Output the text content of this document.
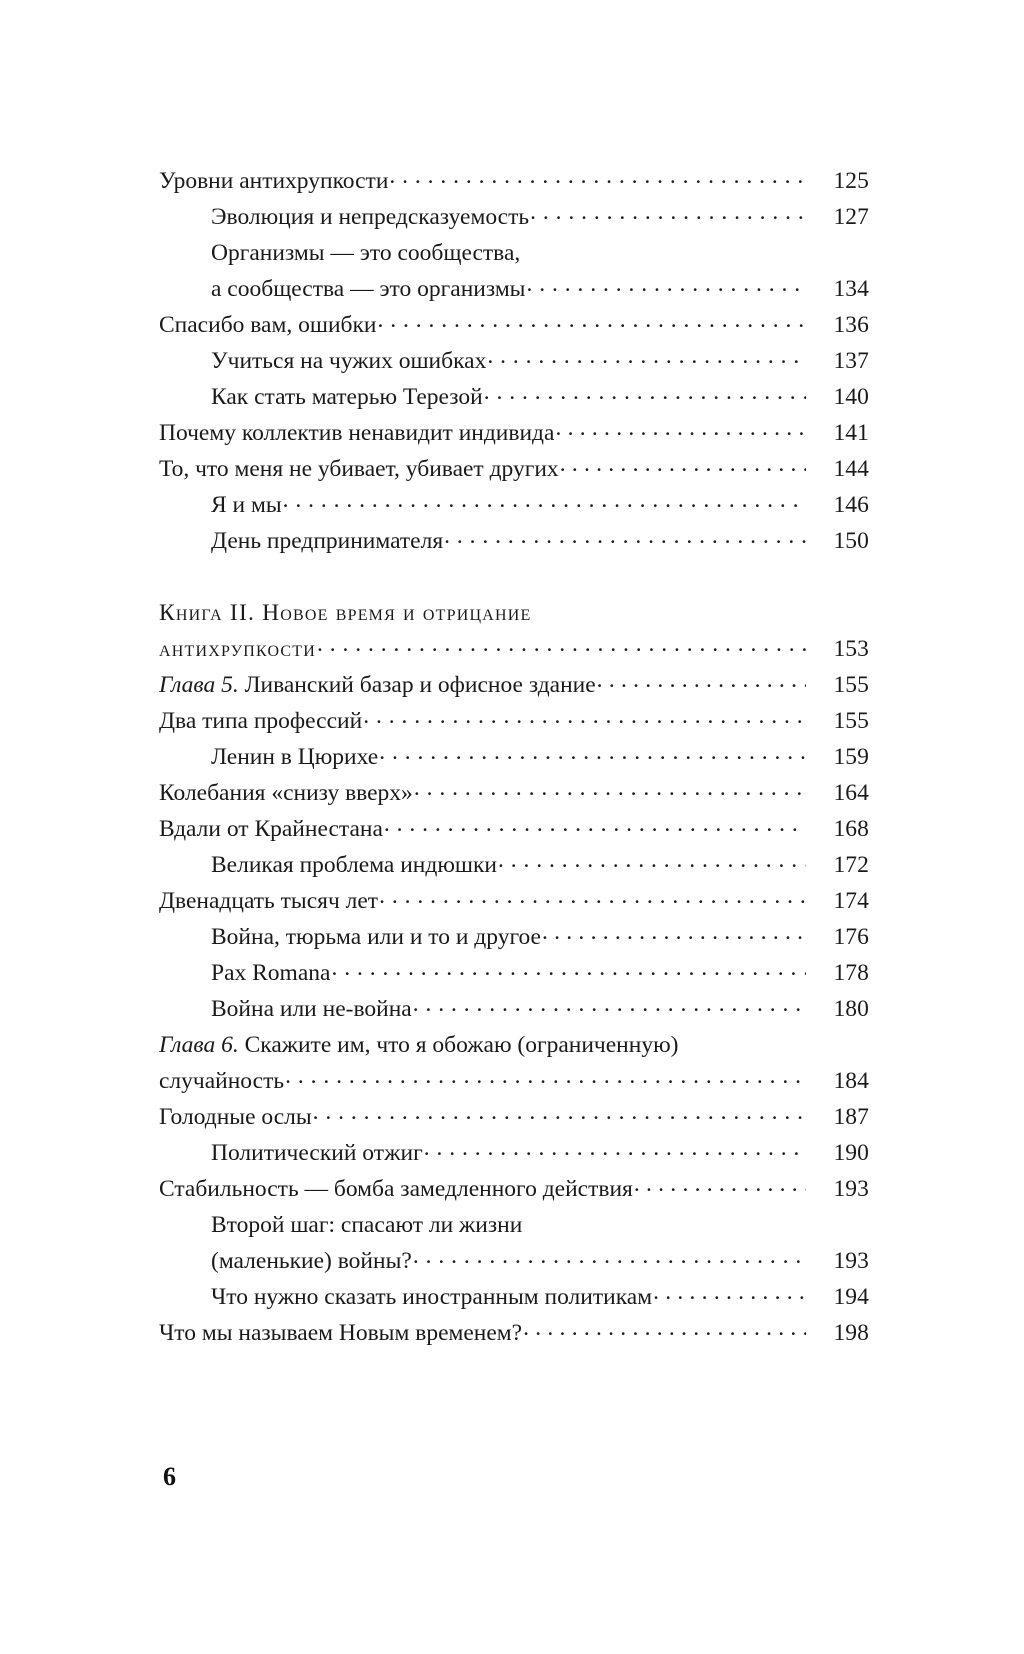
Уровни антихрупкости . . .	125
Эволюция и непредсказуемость . . .	127
Организмы — это сообщества,
а сообщества — это организмы . . .	134
Спасибо вам, ошибки . . .	136
Учиться на чужих ошибках . . .	137
Как стать матерью Терезой . . .	140
Почему коллектив ненавидит индивида . . .	141
То, что меня не убивает, убивает других . . .	144
Я и мы . . .	146
День предпринимателя . . .	150
Книга II. Новое время и отрицание
антихрупкости . . .	153
Глава 5. Ливанский базар и офисное здание . . .	155
Два типа профессий . . .	155
Ленин в Цюрихе . . .	159
Колебания «снизу вверх» . . .	164
Вдали от Крайнестана . . .	168
Великая проблема индюшки . . .	172
Двенадцать тысяч лет . . .	174
Война, тюрьма или и то и другое . . .	176
Pax Romana . . .	178
Война или не-война . . .	180
Глава 6. Скажите им, что я обожаю (ограниченную)
случайность . . .	184
Голодные ослы . . .	187
Политический отжиг . . .	190
Стабильность — бомба замедленного действия . . .	193
Второй шаг: спасают ли жизни
(маленькие) войны? . . .	193
Что нужно сказать иностранным политикам . . .	194
Что мы называем Новым временем? . . .	198
6
